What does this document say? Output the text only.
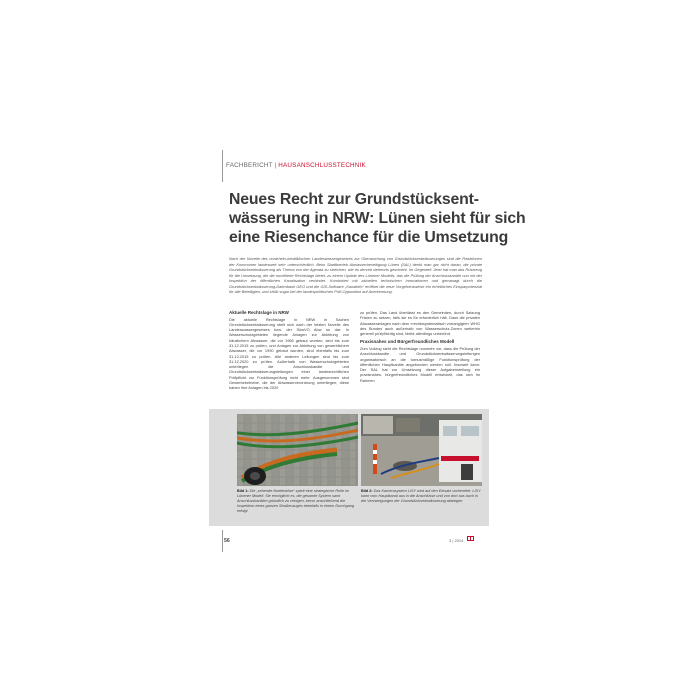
FACHBERICHT | HAUSANSCHLUSSTECHNIK
Neues Recht zur Grundstücksent-
wässerung in NRW: Lünen sieht für sich
eine Riesenchance für die Umsetzung
Nach der Novelle des nordrhein-westfälischen Landeswassergesetzes zur Überwachung von Grundstücksentwässerungen sind die Reaktionen der Kommunen landesweit sehr unterschiedlich. Beim Stadtbetrieb Abwasserbeseitigung Lünen (SAL) denkt man gar nicht daran, die private Grundstücksentwässerung als Thema von der Agenda zu streichen, wie es derzeit vielerorts geschieht. Im Gegenteil: Jetzt hat man das Rüstzeug für die Umsetzung, die die novellierte Rechtslage bietet, zu einem Update des Lünener Modells, das die Prüfung der Anschlusskanäle nun mit der Inspektion der öffentlichen Kanalisation verbindet. Kombiniert mit aktuellen technischen Innovationen und gemanagt durch die Grundstücksentwässerung-Datenbank GEO und die GIS-Software „Kanalinfo“ eröffnet die neue Vorgehensweise ein erhebliches Einsparpotenzial für alle Beteiligten, und stößt sogar bei der landespolitischen Prüf-Opposition auf Anerkennung.
Aktuelle Rechtslage in NRW

Die aktuelle Rechtslage in NRW in Sachen Grundstücksentwässerung stellt sich nach der letzten Novelle des Landeswassergesetzes bzw. der SüwVO Abw so dar: In Wasserschutzgebieten liegende Anlagen zur Ableitung von häuslichem Abwasser, die vor 1965 gebaut wurden, sind bis zum 31.12.2015 zu prüfen, und Anlagen zur Ableitung von gewerblichem Abwasser, die vor 1990 gebaut wurden, sind ebenfalls bis zum 31.12.2015 zu prüfen. Alle anderen Leitungen sind bis zum 31.12.2020 zu prüfen. Außerhalb von Wasserschutzgebieten unterliegen die Anschlusskanäle und Grundstücksentwässerungsleitungen einer landesrechtlichen Prüfpflicht zur Funktionsprüfung nicht mehr. Ausgenommen sind Gewerbebetriebe, die der Abwasserverordnung unterliegen; diese haben ihre Anlagen bis 2020

zu prüfen. Das Land überlässt es den Gemeinden, durch Satzung Fristen zu setzen, falls sie es für erforderlich hält. Dass die privaten Abwasseranlagen nach dem »rechtssystematisch vorrangigen« WHG des Bundes auch außerhalb von Wasserschutz-Zonen weiterhin generell prüfpflichtig sind, bleibt allerdings unberührt.

Praxisnahes und Bürgerfreundliches Modell

Zum Vollzug sieht die Rechtslage nunmehr vor, dass die Prüfung der Anschlusskanäle und Grundstücksentwässerungsleitungen organisatorisch an die turnusmäßige Funktionsprüfung der öffentlichen Hauptkanäle angebunden werden soll. Insoweit kann: Der SAL hat zur Umsetzung dieser Aufgabenstellung ein praxisnahes, bürgerfreundliches Modell entwickelt, das sich im Rahmen

Bild 1: Die „sehende Noeltestöse“ spielt eine strategische Rolle im Lünener Modell. Sie ermöglicht es, die gesamte System samt Anschlusskanälen gründlich zu reinigen, bevor anschließend die Inspektion eines ganzen Straßenzuges ebenfalls in einem Durchgang erfolgt
Bild 2: Das Kamerasystem LISY wird auf den Einsatz vorbereitet. LISY kann vom Hauptkanal aus in die Anschlüsse und von dort aus auch in die Verzweigungen der Grundstücksentwässerung abbiegen
56	3 | 2014
